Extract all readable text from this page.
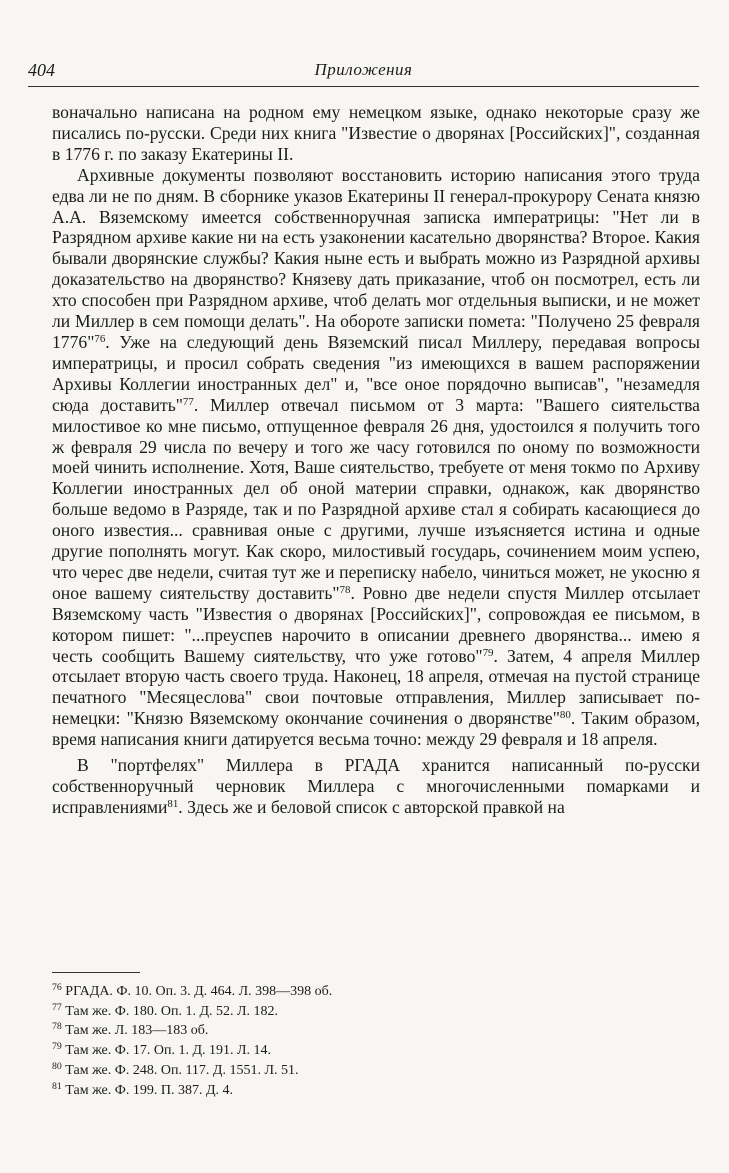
404	Приложения

воначально написана на родном ему немецком языке, однако некоторые сразу же писались по-русски. Среди них книга "Известие о дворянах [Российских]", созданная в 1776 г. по заказу Екатерины II.

Архивные документы позволяют восстановить историю написания этого труда едва ли не по дням. В сборнике указов Екатерины II генерал-прокурору Сената князю А.А. Вяземскому имеется собственноручная записка императрицы: "Нет ли в Разрядном архиве какие ни на есть узаконении касательно дворянства? Второе. Какия бывали дворянские службы? Какия ныне есть и выбрать можно из Разрядной архивы доказательство на дворянство? Князеву дать приказание, чтоб он посмотрел, есть ли хто способен при Разрядном архиве, чтоб делать мог отдельныя выписки, и не может ли Миллер в сем помощи делать". На обороте записки помета: "Получено 25 февраля 1776"$^{76}$. Уже на следующий день Вяземский писал Миллеру, передавая вопросы императрицы, и просил собрать сведения "из имеющихся в вашем распоряжении Архивы Коллегии иностранных дел" и, "все оное порядочно выписав", "незамедля сюда доставить"$^{77}$. Миллер отвечал письмом от 3 марта: "Вашего сиятельства милостивое ко мне письмо, отпущенное февраля 26 дня, удостоился я получить того ж февраля 29 числа по вечеру и того же часу готовился по оному по возможности моей чинить исполнение. Хотя, Ваше сиятельство, требуете от меня токмо по Архиву Коллегии иностранных дел об оной материи справки, однакож, как дворянство больше ведомо в Разряде, так и по Разрядной архиве стал я собирать касающиеся до оного известия... сравнивая оные с другими, лучше изъясняется истина и одные другие пополнять могут. Как скоро, милостивый государь, сочинением моим успею, что черес две недели, считая тут же и переписку набело, чиниться может, не укосню я оное вашему сиятельству доставить"$^{78}$. Ровно две недели спустя Миллер отсылает Вяземскому часть "Известия о дворянах [Российских]", сопровождая ее письмом, в котором пишет: "...преуспев нарочито в описании древнего дворянства... имею я честь сообщить Вашему сиятельству, что уже готово"$^{79}$. Затем, 4 апреля Миллер отсылает вторую часть своего труда. Наконец, 18 апреля, отмечая на пустой странице печатного "Месяцеслова" свои почтовые отправления, Миллер записывает по-немецки: "Князю Вяземскому окончание сочинения о дворянстве"$^{80}$. Таким образом, время написания книги датируется весьма точно: между 29 февраля и 18 апреля.

В "портфелях" Миллера в РГАДА хранится написанный по-русски собственноручный черновик Миллера с многочисленными помарками и исправлениями$^{81}$. Здесь же и беловой список с авторской правкой на

$^{76}$ РГАДА. Ф. 10. Оп. 3. Д. 464. Л. 398—398 об.
$^{77}$ Там же. Ф. 180. Оп. 1. Д. 52. Л. 182.
$^{78}$ Там же. Л. 183—183 об.
$^{79}$ Там же. Ф. 17. Оп. 1. Д. 191. Л. 14.
$^{80}$ Там же. Ф. 248. Оп. 117. Д. 1551. Л. 51.
$^{81}$ Там же. Ф. 199. П. 387. Д. 4.
